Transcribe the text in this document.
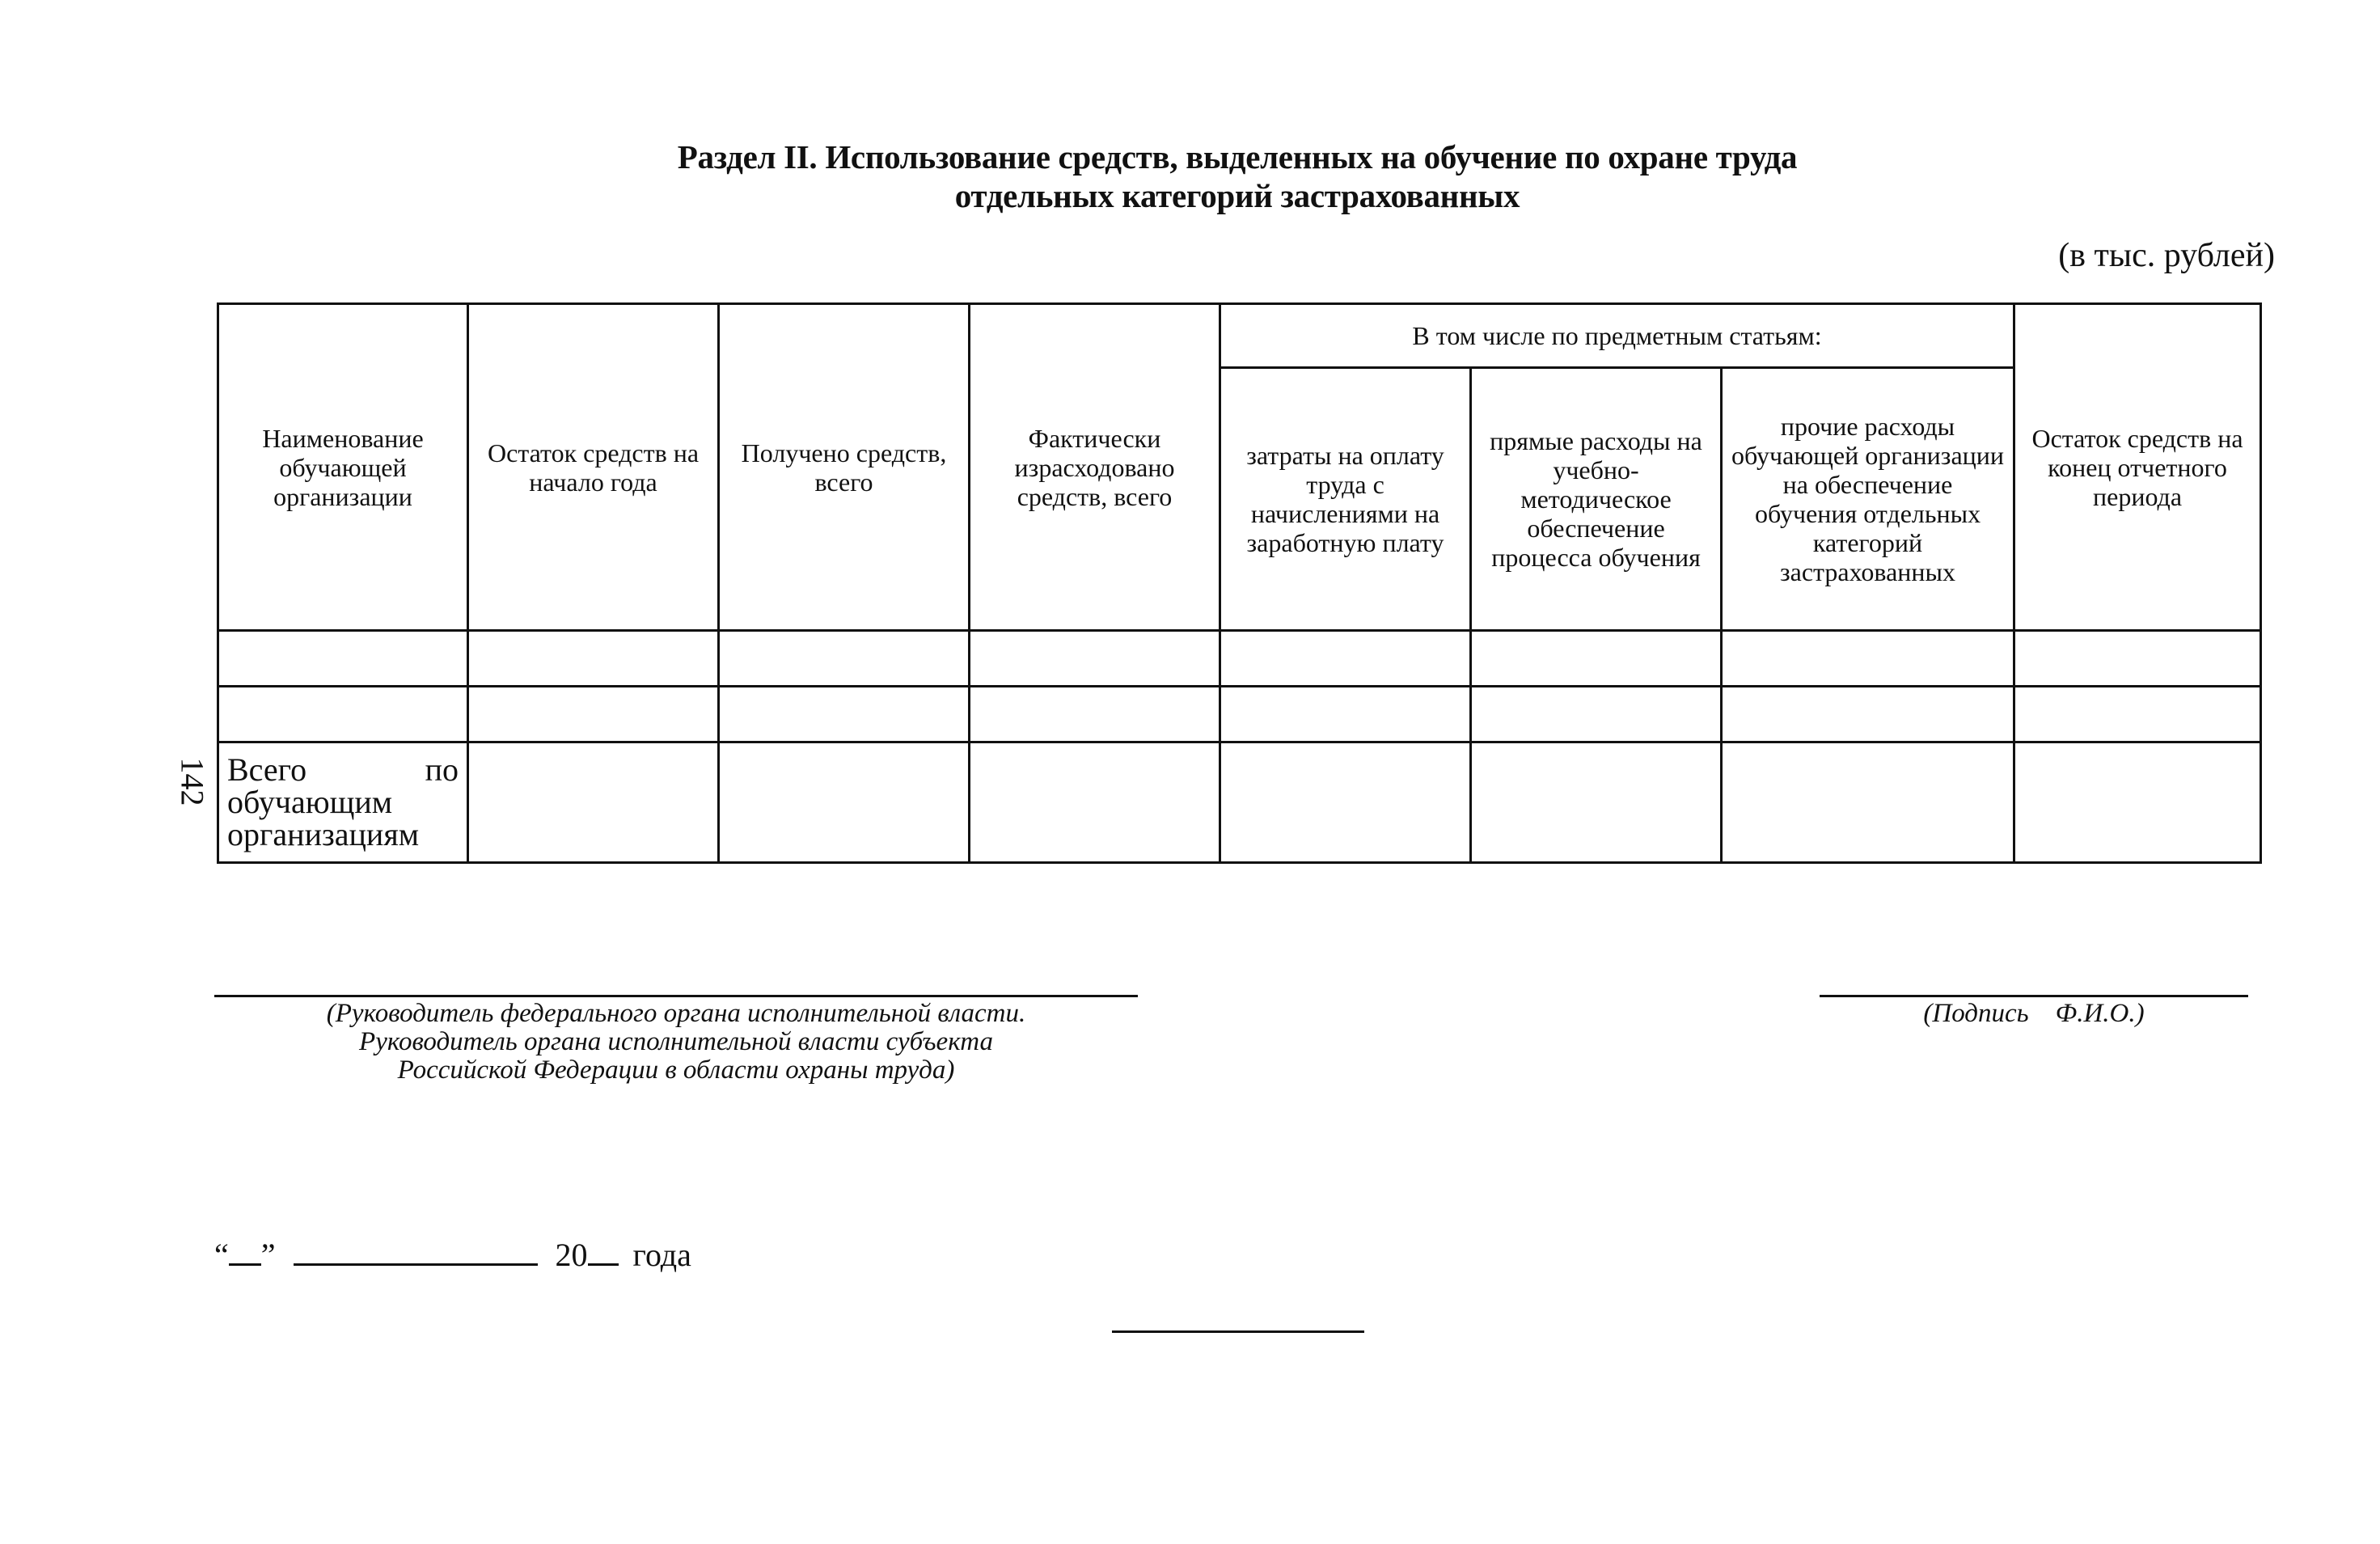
Раздел II. Использование средств, выделенных на обучение по охране труда
отдельных категорий застрахованных
(в тыс. рублей)
142
Наименование обучающей организации	Остаток средств на начало года	Получено средств, всего	Фактически израсходовано средств, всего	В том числе по предметным статьям:			Остаток средств на конец отчетного периода

				затраты на оплату труда с начислениями на заработную плату	прямые расходы на учебно-методическое обеспечение процесса обучения	прочие расходы обучающей организации на обеспечение обучения отдельных категорий застрахованных	

Всего по обучающим организациям							
(Руководитель федерального органа исполнительной власти.
Руководитель органа исполнительной власти субъекта
Российской Федерации в области охраны труда)
(Подпись    Ф.И.О.)
“ ”	20 года
